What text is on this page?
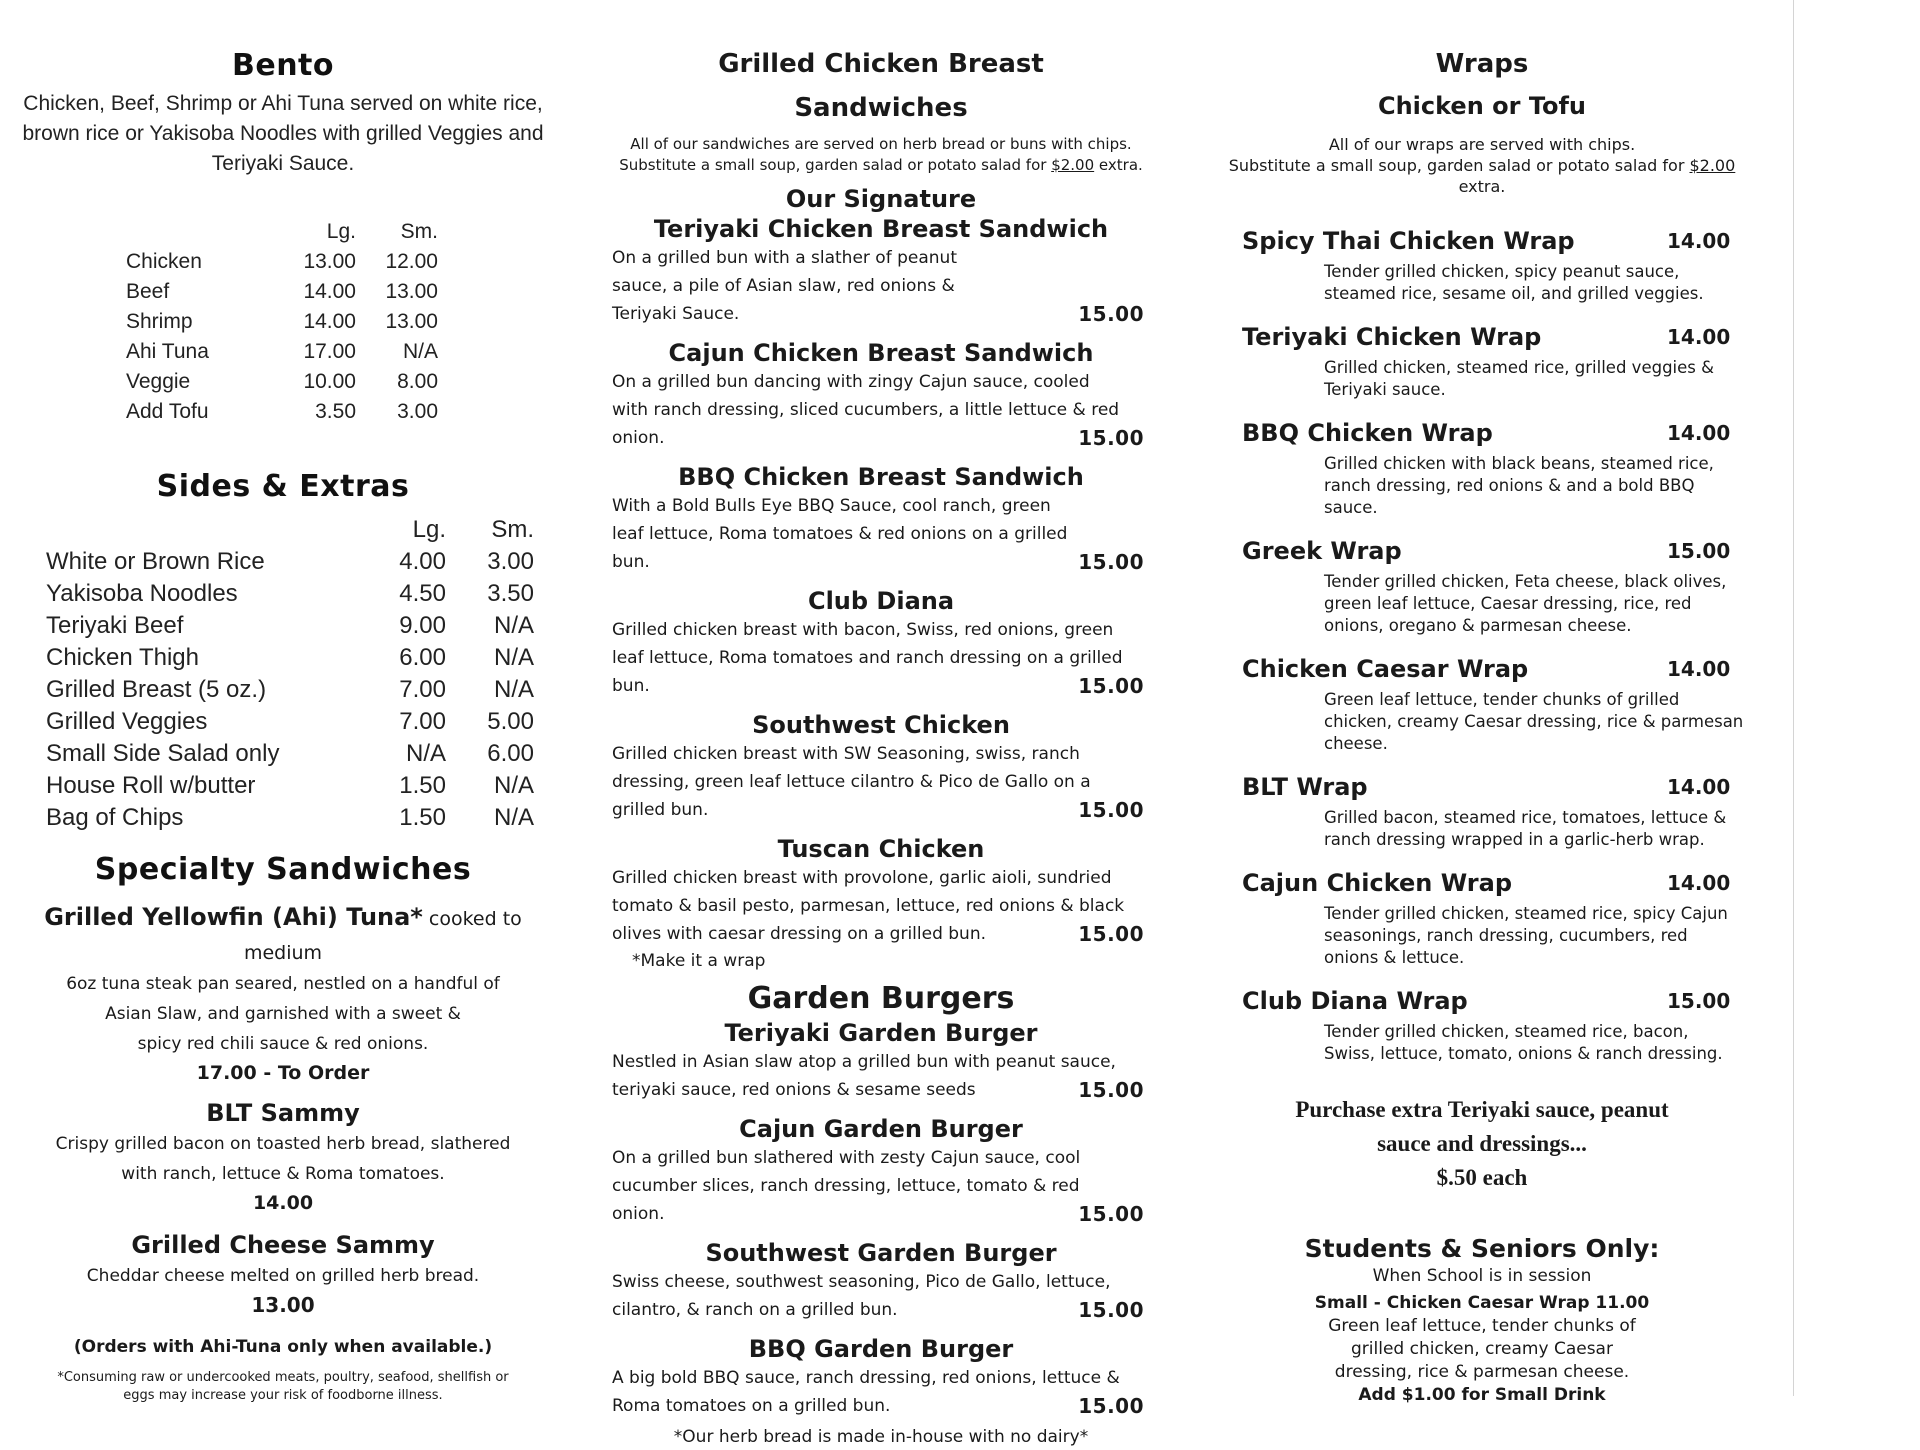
Bento

Chicken, Beef, Shrimp or Ahi Tuna served on white rice, brown rice or Yakisoba Noodles with grilled Veggies and Teriyaki Sauce.

	Lg.	Sm.
Chicken	13.00	12.00
Beef	14.00	13.00
Shrimp	14.00	13.00
Ahi Tuna	17.00	N/A
Veggie	10.00	8.00
Add Tofu	3.50	3.00
Sides & Extras
	Lg.	Sm.
White or Brown Rice	4.00	3.00
Yakisoba Noodles	4.50	3.50
Teriyaki Beef	9.00	N/A
Chicken Thigh	6.00	N/A
Grilled Breast (5 oz.)	7.00	N/A
Grilled Veggies	7.00	5.00
Small Side Salad only	N/A	6.00
House Roll w/butter	1.50	N/A
Bag of Chips	1.50	N/A
Specialty Sandwiches

Grilled Yellowfin (Ahi) Tuna* cooked to medium

6oz tuna steak pan seared, nestled on a handful of

Asian Slaw, and garnished with a sweet &

spicy red chili sauce & red onions.

17.00 - To Order

BLT Sammy

Crispy grilled bacon on toasted herb bread, slathered

with ranch, lettuce & Roma tomatoes.

14.00

Grilled Cheese Sammy

Cheddar cheese melted on grilled herb bread.

13.00

(Orders with Ahi-Tuna only when available.)

*Consuming raw or undercooked meats, poultry, seafood, shellfish or

eggs may increase your risk of foodborne illness.

Grilled Chicken Breast

Sandwiches

All of our sandwiches are served on herb bread or buns with chips.

Substitute a small soup, garden salad or potato salad for $2.00 extra.

Our Signature

Teriyaki Chicken Breast Sandwich

On a grilled bun with a slather of peanut sauce, a pile of Asian slaw, red onions & Teriyaki Sauce.	15.00

Cajun Chicken Breast Sandwich

On a grilled bun dancing with zingy Cajun sauce, cooled with ranch dressing, sliced cucumbers, a little lettuce & red onion.	15.00

BBQ Chicken Breast Sandwich

With a Bold Bulls Eye BBQ Sauce, cool ranch, green leaf lettuce, Roma tomatoes & red onions on a grilled bun.	15.00

Club Diana

Grilled chicken breast with bacon, Swiss, red onions, green leaf lettuce, Roma tomatoes and ranch dressing on a grilled bun.	15.00

Southwest Chicken

Grilled chicken breast with SW Seasoning, swiss, ranch dressing, green leaf lettuce cilantro & Pico de Gallo on a grilled bun.	15.00

Tuscan Chicken

Grilled chicken breast with provolone, garlic aioli, sundried tomato & basil pesto, parmesan, lettuce, red onions & black olives with caesar dressing on a grilled bun.	15.00

*Make it a wrap

Garden Burgers

Teriyaki Garden Burger

Nestled in Asian slaw atop a grilled bun with peanut sauce, teriyaki sauce, red onions & sesame seeds	15.00

Cajun Garden Burger

On a grilled bun slathered with zesty Cajun sauce, cool cucumber slices, ranch dressing, lettuce, tomato & red onion.	15.00

Southwest Garden Burger

Swiss cheese, southwest seasoning, Pico de Gallo, lettuce, cilantro, & ranch on a grilled bun.	15.00

BBQ Garden Burger

A big bold BBQ sauce, ranch dressing, red onions, lettuce & Roma tomatoes on a grilled bun.	15.00

*Our herb bread is made in-house with no dairy*

Wraps

Chicken or Tofu

All of our wraps are served with chips.

Substitute a small soup, garden salad or potato salad for $2.00 extra.

Spicy Thai Chicken Wrap	14.00

Tender grilled chicken, spicy peanut sauce, steamed rice, sesame oil, and grilled veggies.

Teriyaki Chicken Wrap	14.00

Grilled chicken, steamed rice, grilled veggies & Teriyaki sauce.

BBQ Chicken Wrap	14.00

Grilled chicken with black beans, steamed rice, ranch dressing, red onions & and a bold BBQ sauce.

Greek Wrap	15.00

Tender grilled chicken, Feta cheese, black olives, green leaf lettuce, Caesar dressing, rice, red onions, oregano & parmesan cheese.

Chicken Caesar Wrap	14.00

Green leaf lettuce, tender chunks of grilled chicken, creamy Caesar dressing, rice & parmesan cheese.

BLT Wrap	14.00

Grilled bacon, steamed rice, tomatoes, lettuce & ranch dressing wrapped in a garlic-herb wrap.

Cajun Chicken Wrap	14.00

Tender grilled chicken, steamed rice, spicy Cajun seasonings, ranch dressing, cucumbers, red onions & lettuce.

Club Diana Wrap	15.00

Tender grilled chicken, steamed rice, bacon, Swiss, lettuce, tomato, onions & ranch dressing.

Purchase extra Teriyaki sauce, peanut
sauce and dressings...
$.50 each

Students & Seniors Only:

When School is in session

Small - Chicken Caesar Wrap 11.00

Green leaf lettuce, tender chunks of

grilled chicken, creamy Caesar

dressing, rice & parmesan cheese.

Add $1.00 for Small Drink
